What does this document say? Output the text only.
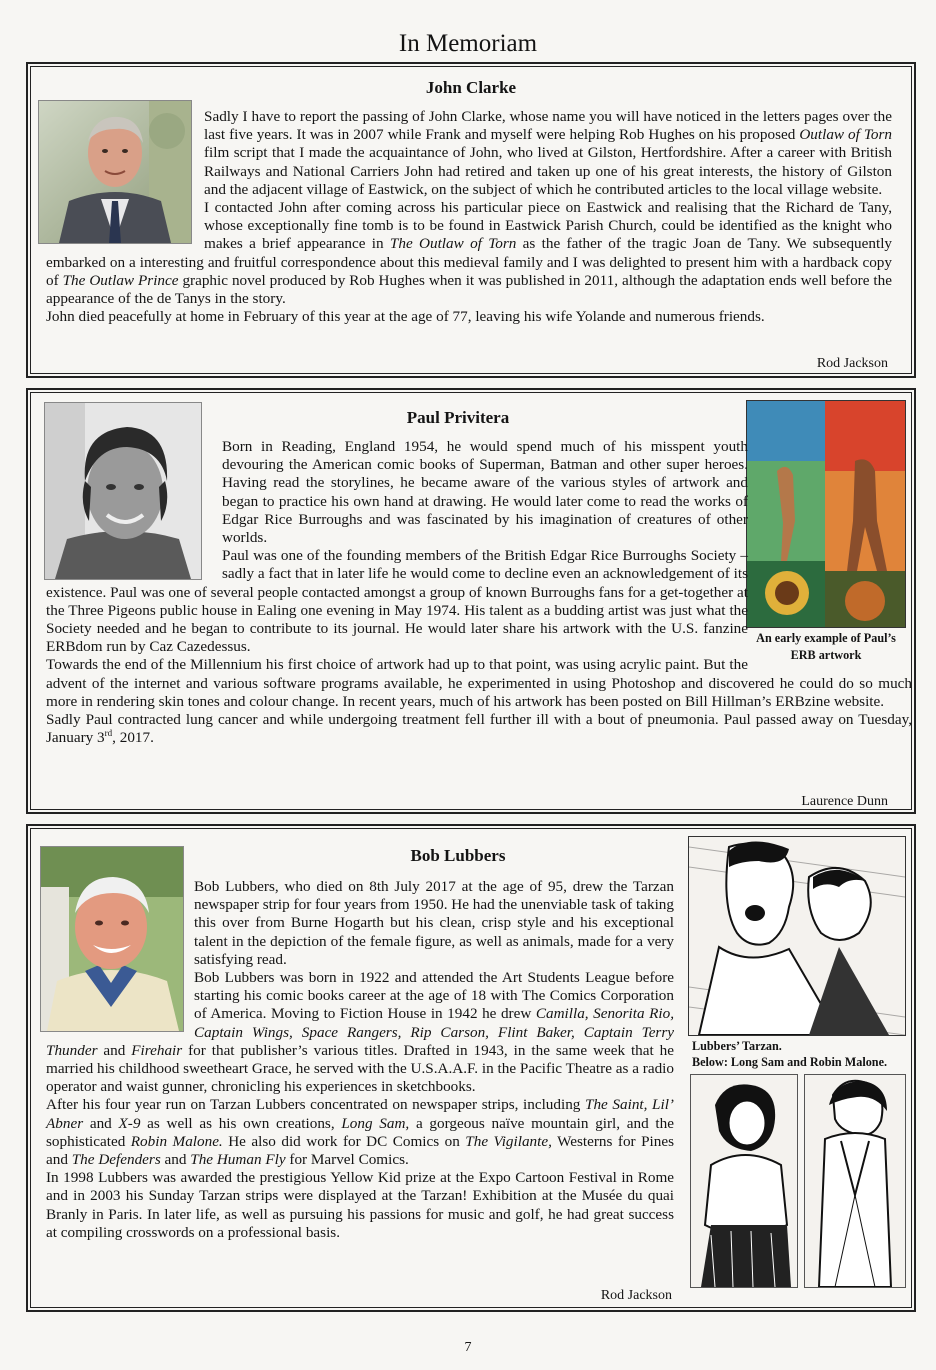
In Memoriam
John Clarke

Sadly I have to report the passing of John Clarke, whose name you will have noticed in the letters pages over the last five years. It was in 2007 while Frank and myself were helping Rob Hughes on his proposed Outlaw of Torn film script that I made the acquaintance of John, who lived at Gilston, Hertfordshire. After a career with British Railways and National Carriers John had retired and taken up one of his great interests, the history of Gilston and the adjacent village of Eastwick, on the subject of which he contributed articles to the local village website.

I contacted John after coming across his particular piece on Eastwick and realising that the Richard de Tany, whose exceptionally fine tomb is to be found in Eastwick Parish Church, could be identified as the knight who makes a brief appearance in The Outlaw of Torn as the father of the tragic Joan de Tany. We subsequently embarked on a interesting and fruitful correspondence about this medieval family and I was delighted to present him with a hardback copy of The Outlaw Prince graphic novel produced by Rob Hughes when it was published in 2011, although the adaptation ends well before the appearance of the de Tanys in the story.

John died peacefully at home in February of this year at the age of 77, leaving his wife Yolande and numerous friends.

Rod Jackson
Paul Privitera
An early example of Paul’s ERB artwork

Born in Reading, England 1954, he would spend much of his misspent youth devouring the American comic books of Superman, Batman and other super heroes. Having read the storylines, he became aware of the various styles of artwork and began to practice his own hand at drawing. He would later come to read the works of Edgar Rice Burroughs and was fascinated by his imagination of creatures of other worlds.

Paul was one of the founding members of the British Edgar Rice Burroughs Society – sadly a fact that in later life he would come to decline even an acknowledgement of its existence. Paul was one of several people contacted amongst a group of known Burroughs fans for a get-together at the Three Pigeons public house in Ealing one evening in May 1974. His talent as a budding artist was just what the Society needed and he began to contribute to its journal. He would later share his artwork with the U.S. fanzine ERBdom run by Caz Cazedessus.

Towards the end of the Millennium his first choice of artwork had up to that point, was using acrylic paint. But the advent of the internet and various software programs available, he experimented in using Photoshop and discovered he could do so much more in rendering skin tones and colour change. In recent years, much of his artwork has been posted on Bill Hillman’s ERBzine website.

Sadly Paul contracted lung cancer and while undergoing treatment fell further ill with a bout of pneumonia. Paul passed away on Tuesday, January 3rd, 2017.

Laurence Dunn
Bob Lubbers
Lubbers’ Tarzan.
Below: Long Sam and Robin Malone.

Bob Lubbers, who died on 8th July 2017 at the age of 95, drew the Tarzan newspaper strip for four years from 1950. He had the unenviable task of taking this over from Burne Hogarth but his clean, crisp style and his exceptional talent in the depiction of the female figure, as well as animals, made for a very satisfying read.

Bob Lubbers was born in 1922 and attended the Art Students League before starting his comic books career at the age of 18 with The Comics Corporation of America. Moving to Fiction House in 1942 he drew Camilla, Senorita Rio, Captain Wings, Space Rangers, Rip Carson, Flint Baker, Captain Terry Thunder and Firehair for that publisher’s various titles. Drafted in 1943, in the same week that he married his childhood sweetheart Grace, he served with the U.S.A.A.F. in the Pacific Theatre as a radio operator and waist gunner, chronicling his experiences in sketchbooks.

After his four year run on Tarzan Lubbers concentrated on newspaper strips, including The Saint, Lil’ Abner and X-9 as well as his own creations, Long Sam, a gorgeous naïve mountain girl, and the sophisticated Robin Malone. He also did work for DC Comics on The Vigilante, Westerns for Pines and The Defenders and The Human Fly for Marvel Comics.

In 1998 Lubbers was awarded the prestigious Yellow Kid prize at the Expo Cartoon Festival in Rome and in 2003 his Sunday Tarzan strips were displayed at the Tarzan! Exhibition at the Musée du quai Branly in Paris. In later life, as well as pursuing his passions for music and golf, he had great success at compiling crosswords on a professional basis.

Rod Jackson
7
